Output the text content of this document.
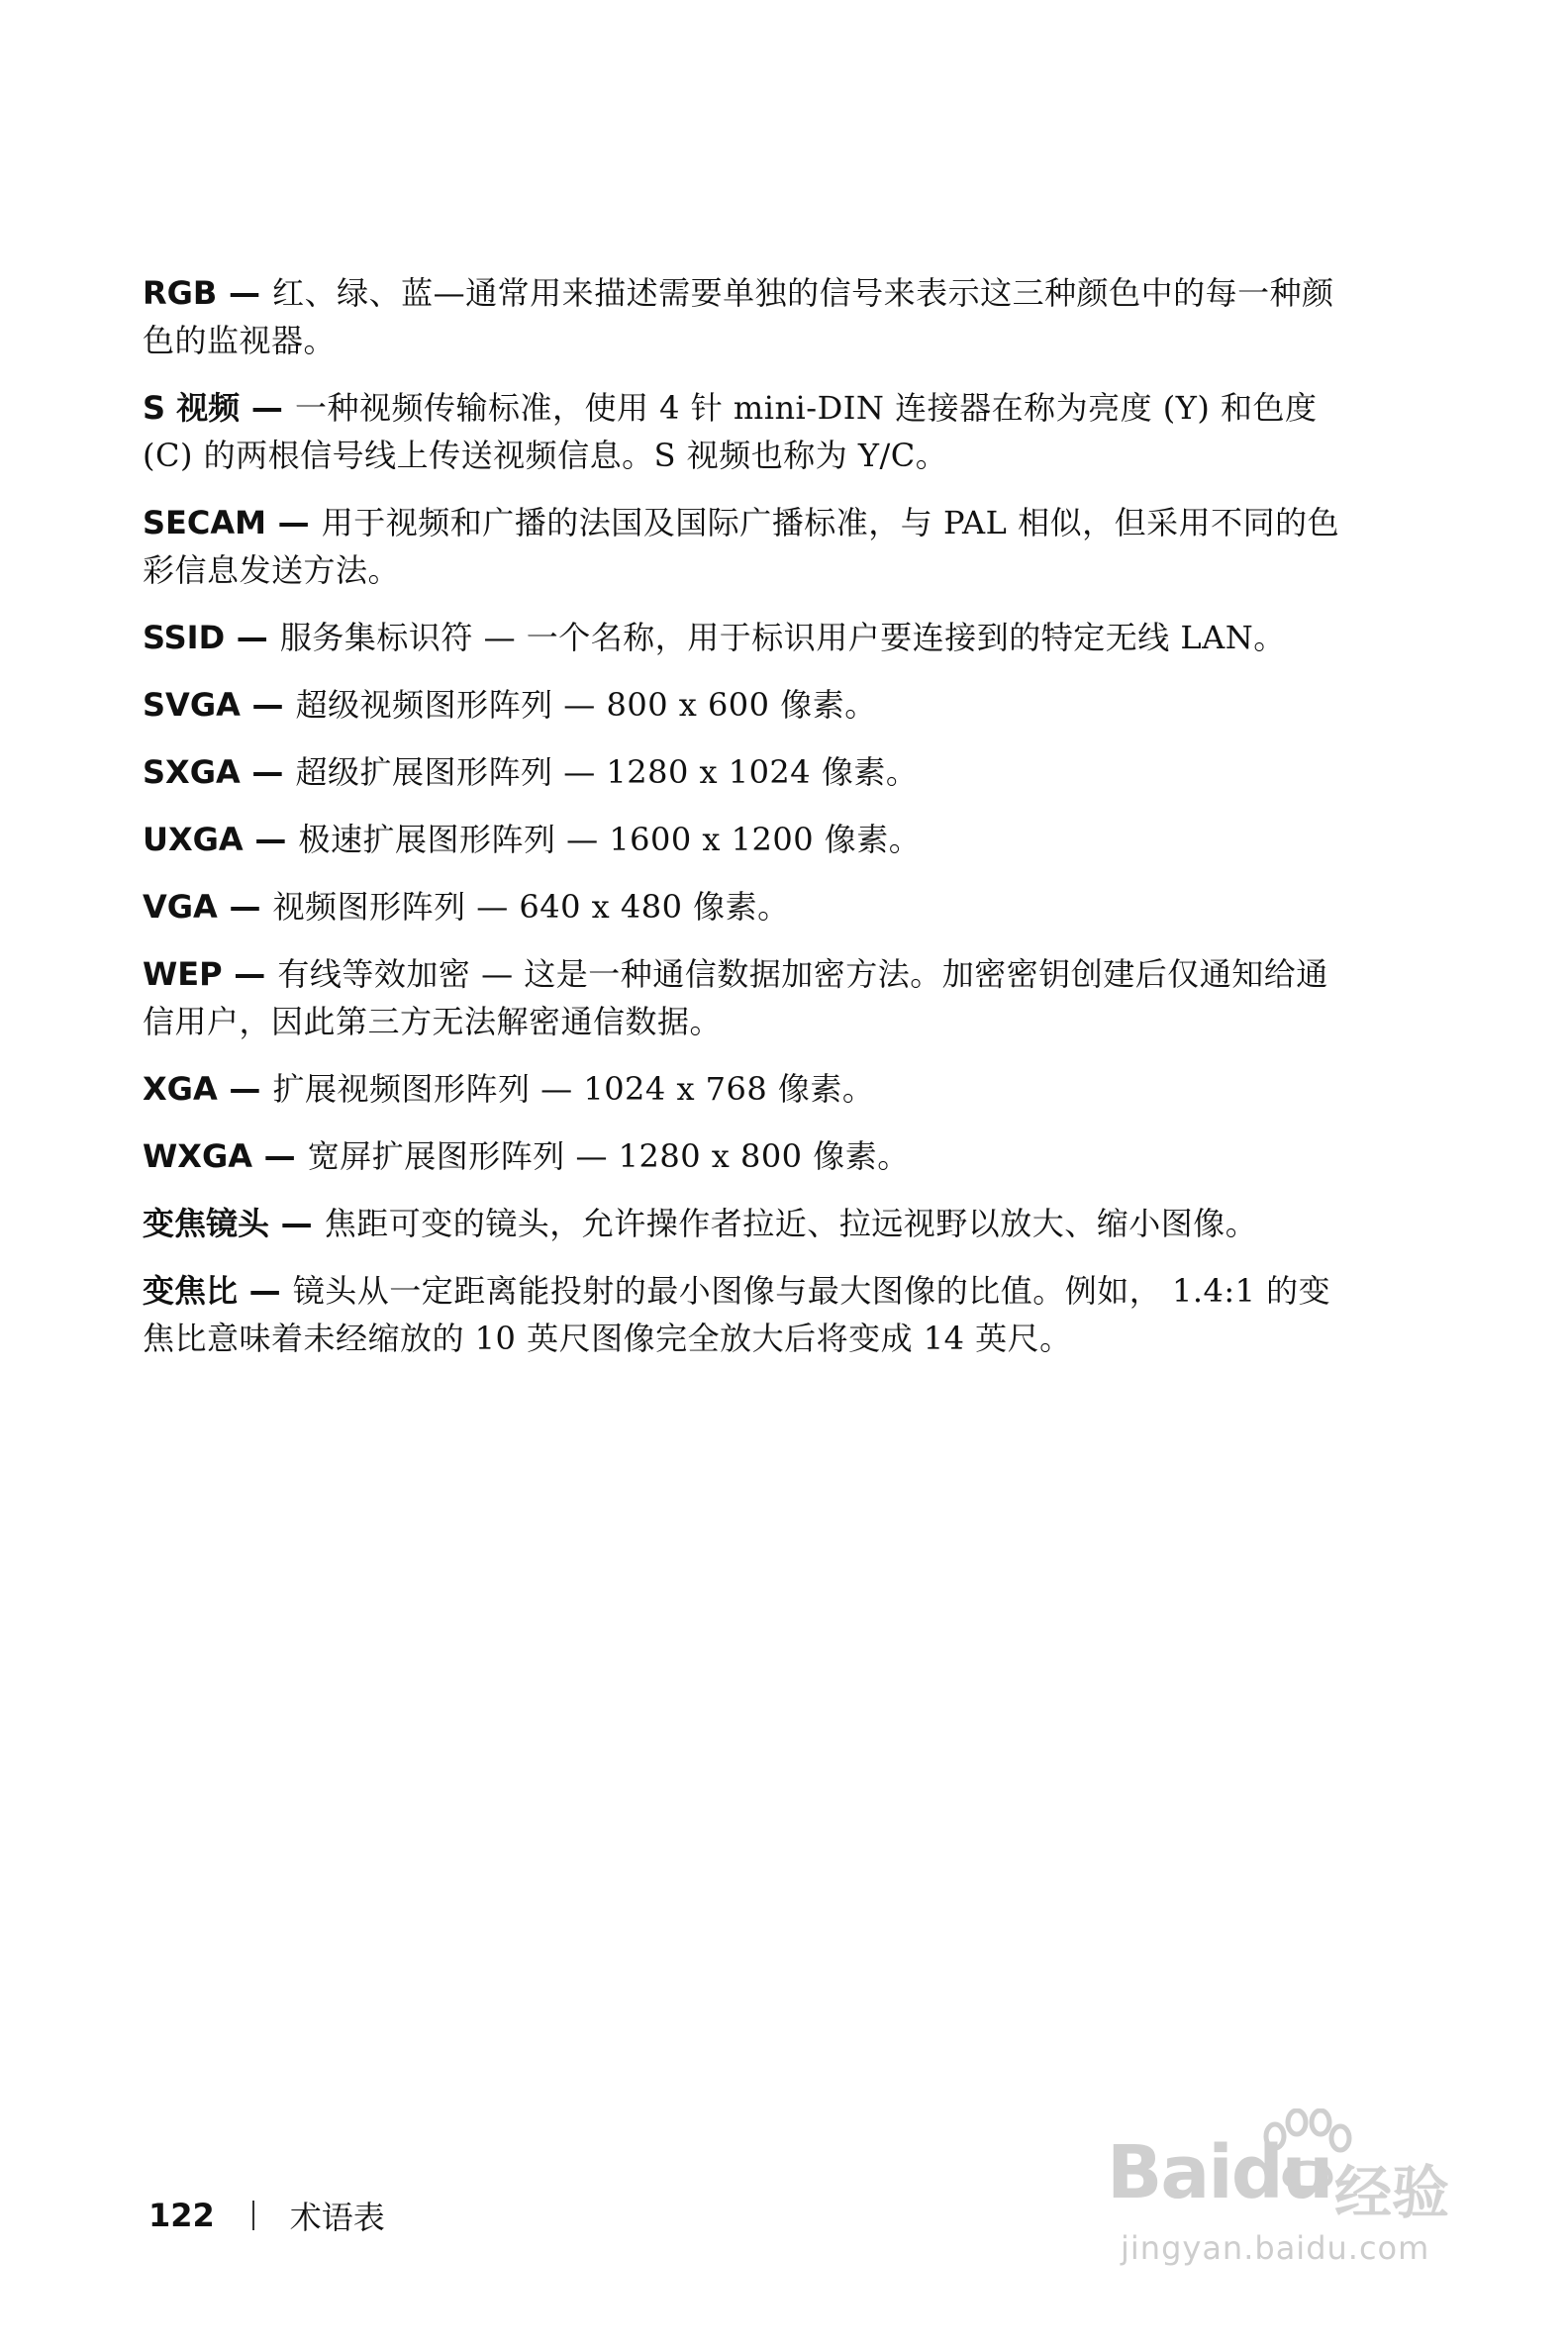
RGB — 红、绿、蓝—通常用来描述需要单独的信号来表示这三种颜色中的每一种颜色的监视器。

S 视频 — 一种视频传输标准，使用 4 针 mini-DIN 连接器在称为亮度 (Y) 和色度 (C) 的两根信号线上传送视频信息。S 视频也称为 Y/C。

SECAM — 用于视频和广播的法国及国际广播标准，与 PAL 相似，但采用不同的色彩信息发送方法。

SSID — 服务集标识符 — 一个名称，用于标识用户要连接到的特定无线 LAN。

SVGA — 超级视频图形阵列 — 800 x 600 像素。

SXGA — 超级扩展图形阵列 — 1280 x 1024 像素。

UXGA — 极速扩展图形阵列 — 1600 x 1200 像素。

VGA — 视频图形阵列 — 640 x 480 像素。

WEP — 有线等效加密 — 这是一种通信数据加密方法。加密密钥创建后仅通知给通信用户，因此第三方无法解密通信数据。

XGA — 扩展视频图形阵列 — 1024 x 768 像素。

WXGA — 宽屏扩展图形阵列 — 1280 x 800 像素。

变焦镜头 — 焦距可变的镜头，允许操作者拉近、拉远视野以放大、缩小图像。

变焦比 — 镜头从一定距离能投射的最小图像与最大图像的比值。例如， 1.4:1 的变焦比意味着未经缩放的 10 英尺图像完全放大后将变成 14 英尺。

122 术语表
Baidu 经验
jingyan.baidu.com
